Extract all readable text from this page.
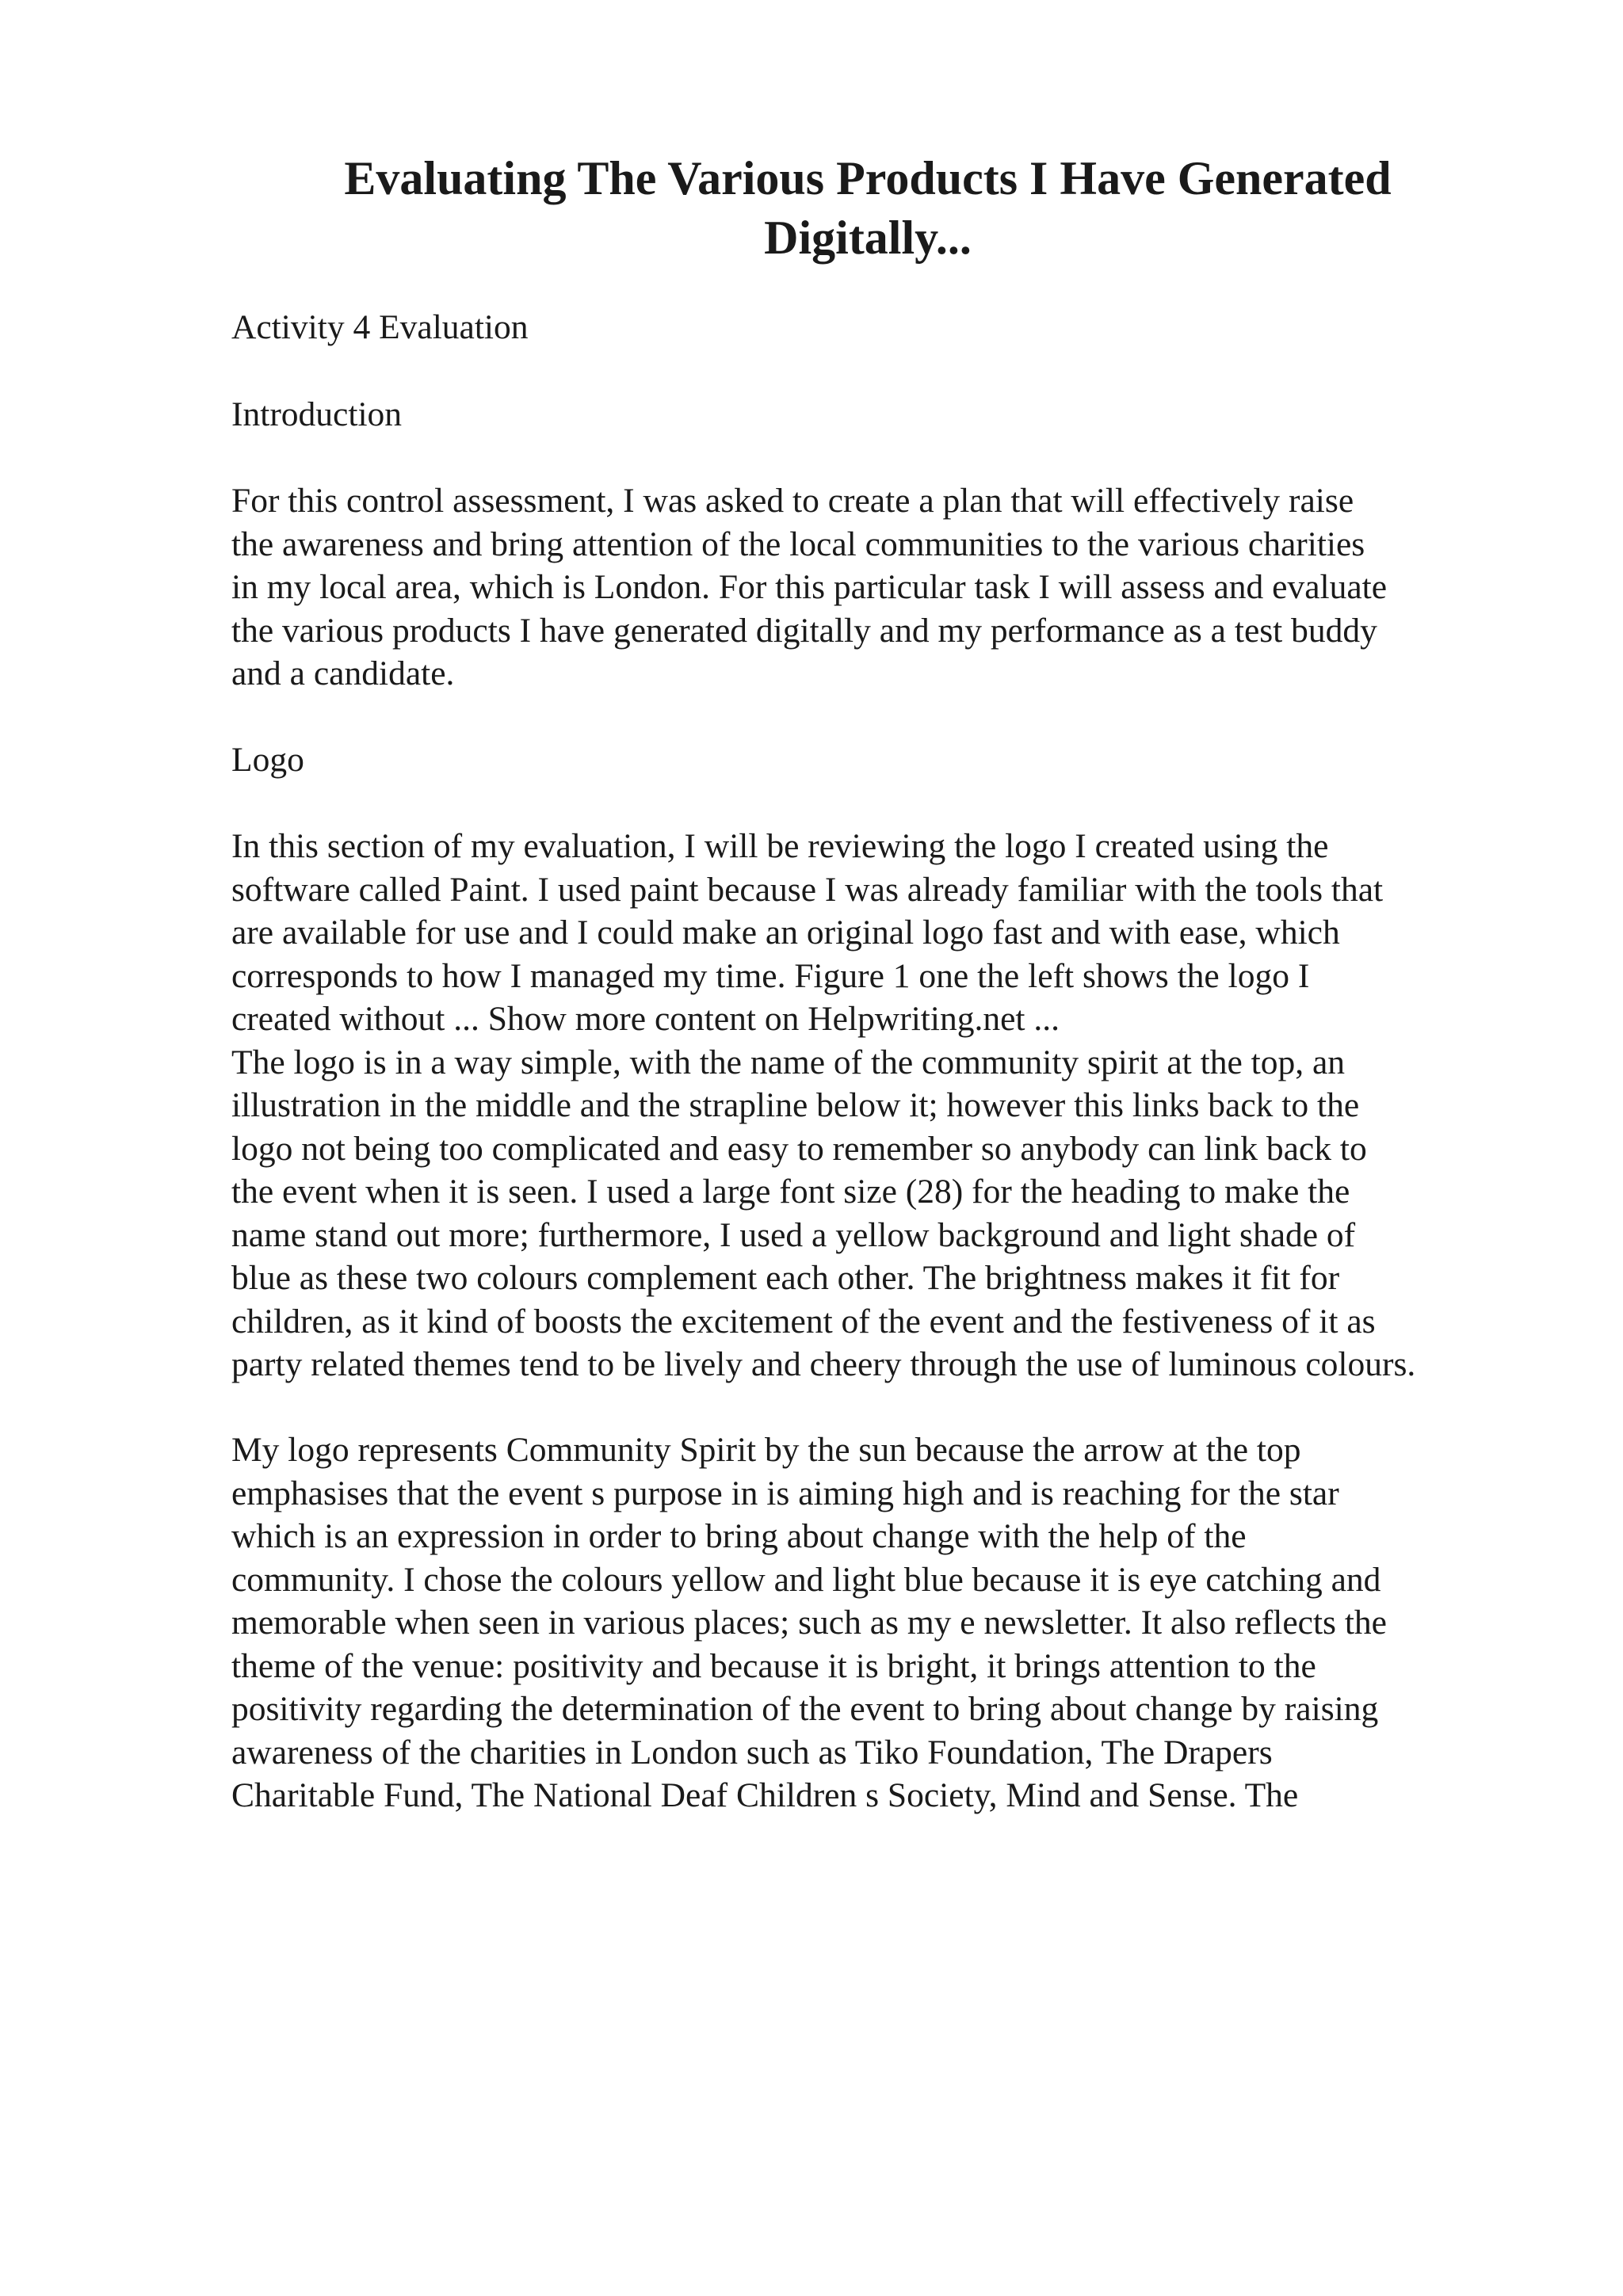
Evaluating The Various Products I Have Generated
Digitally...

Activity 4 Evaluation

Introduction

For this control assessment, I was asked to create a plan that will effectively raise
the awareness and bring attention of the local communities to the various charities
in my local area, which is London. For this particular task I will assess and evaluate
the various products I have generated digitally and my performance as a test buddy
and a candidate.

Logo

In this section of my evaluation, I will be reviewing the logo I created using the
software called Paint. I used paint because I was already familiar with the tools that
are available for use and I could make an original logo fast and with ease, which
corresponds to how I managed my time. Figure 1 one the left shows the logo I
created without ... Show more content on Helpwriting.net ...
The logo is in a way simple, with the name of the community spirit at the top, an
illustration in the middle and the strapline below it; however this links back to the
logo not being too complicated and easy to remember so anybody can link back to
the event when it is seen. I used a large font size (28) for the heading to make the
name stand out more; furthermore, I used a yellow background and light shade of
blue as these two colours complement each other. The brightness makes it fit for
children, as it kind of boosts the excitement of the event and the festiveness of it as
party related themes tend to be lively and cheery through the use of luminous colours.

My logo represents Community Spirit by the sun because the arrow at the top
emphasises that the event s purpose in is aiming high and is reaching for the star
which is an expression in order to bring about change with the help of the
community. I chose the colours yellow and light blue because it is eye catching and
memorable when seen in various places; such as my e newsletter. It also reflects the
theme of the venue: positivity and because it is bright, it brings attention to the
positivity regarding the determination of the event to bring about change by raising
awareness of the charities in London such as Tiko Foundation, The Drapers
Charitable Fund, The National Deaf Children s Society, Mind and Sense. The
